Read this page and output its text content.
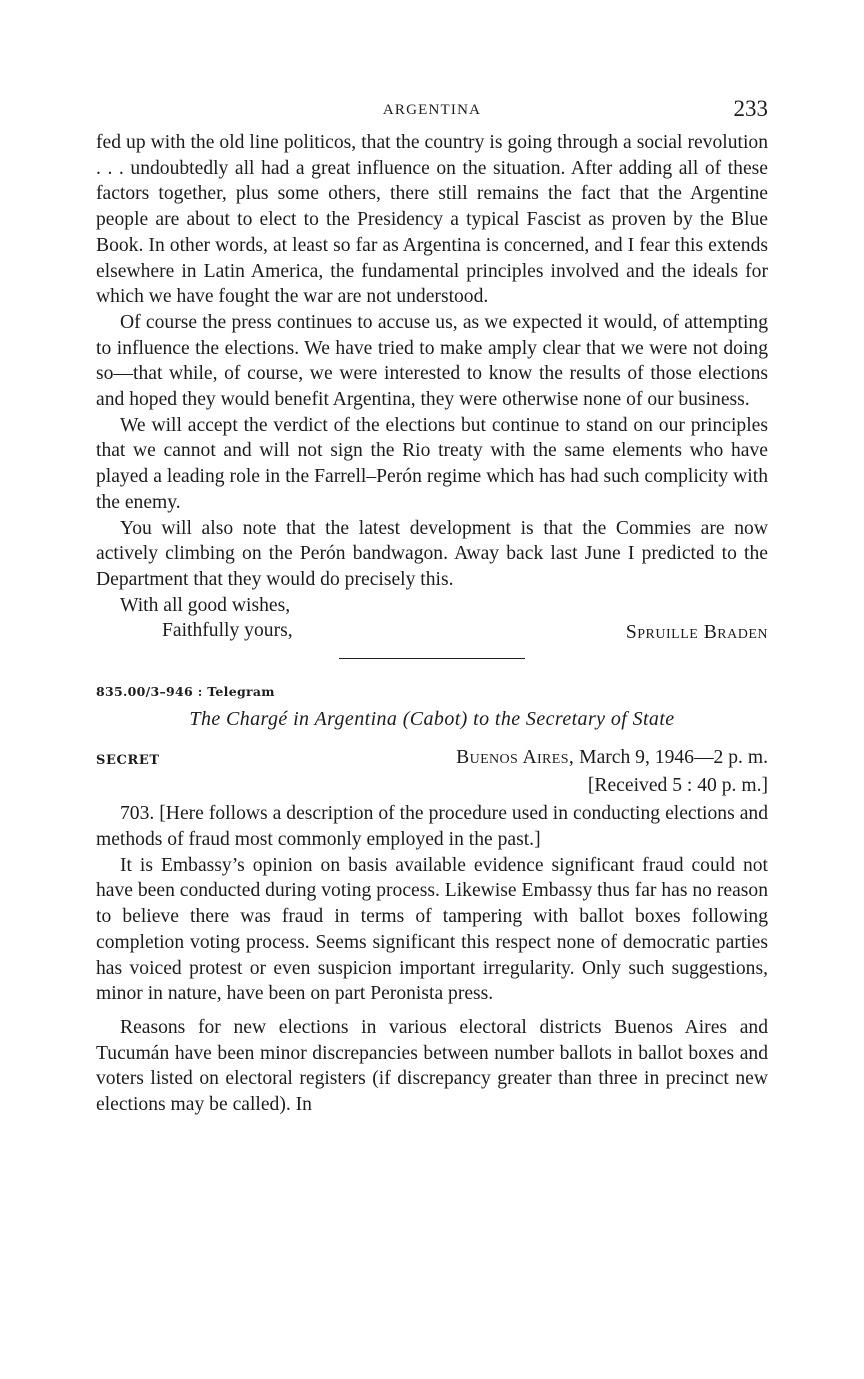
ARGENTINA	233

fed up with the old line politicos, that the country is going through a social revolution . . . undoubtedly all had a great influence on the situation. After adding all of these factors together, plus some others, there still remains the fact that the Argentine people are about to elect to the Presidency a typical Fascist as proven by the Blue Book. In other words, at least so far as Argentina is concerned, and I fear this extends elsewhere in Latin America, the fundamental principles involved and the ideals for which we have fought the war are not understood.

Of course the press continues to accuse us, as we expected it would, of attempting to influence the elections. We have tried to make amply clear that we were not doing so—that while, of course, we were interested to know the results of those elections and hoped they would benefit Argentina, they were otherwise none of our business.

We will accept the verdict of the elections but continue to stand on our principles that we cannot and will not sign the Rio treaty with the same elements who have played a leading role in the Farrell–Perón regime which has had such complicity with the enemy.

You will also note that the latest development is that the Commies are now actively climbing on the Perón bandwagon. Away back last June I predicted to the Department that they would do precisely this.

With all good wishes,

Faithfully yours,	Spruille Braden
835.00/3–946 : Telegram
The Chargé in Argentina (Cabot) to the Secretary of State
SECRET	Buenos Aires, March 9, 1946—2 p. m.
[Received 5 : 40 p. m.]

703. [Here follows a description of the procedure used in conducting elections and methods of fraud most commonly employed in the past.]

It is Embassy’s opinion on basis available evidence significant fraud could not have been conducted during voting process. Likewise Embassy thus far has no reason to believe there was fraud in terms of tampering with ballot boxes following completion voting process. Seems significant this respect none of democratic parties has voiced protest or even suspicion important irregularity. Only such suggestions, minor in nature, have been on part Peronista press.

Reasons for new elections in various electoral districts Buenos Aires and Tucumán have been minor discrepancies between number ballots in ballot boxes and voters listed on electoral registers (if discrepancy greater than three in precinct new elections may be called). In
